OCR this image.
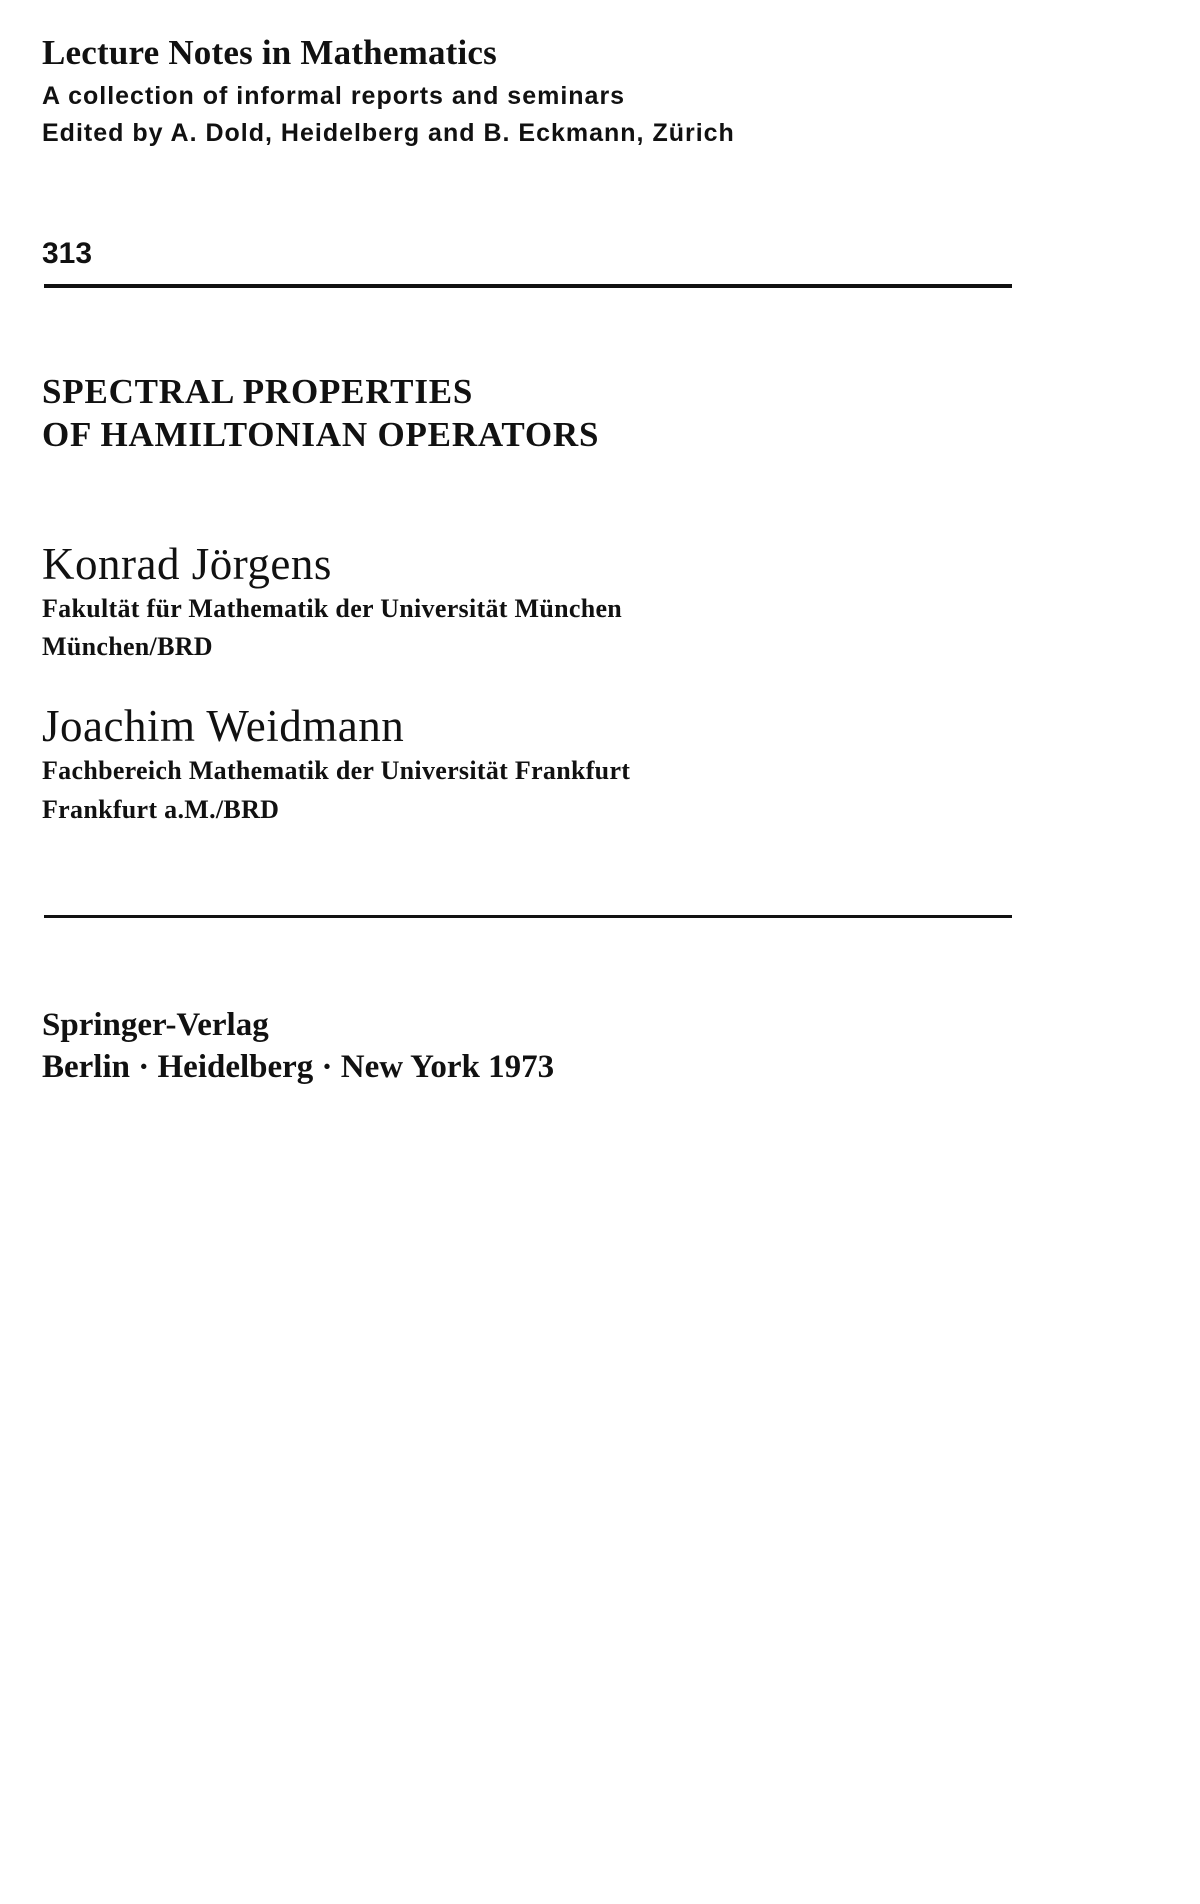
Lecture Notes in Mathematics
A collection of informal reports and seminars
Edited by A. Dold, Heidelberg and B. Eckmann, Zürich
313
SPECTRAL PROPERTIES
OF HAMILTONIAN OPERATORS
Konrad Jörgens
Fakultät für Mathematik der Universität München
München/BRD
Joachim Weidmann
Fachbereich Mathematik der Universität Frankfurt
Frankfurt a.M./BRD
Springer-Verlag
Berlin · Heidelberg · New York 1973
